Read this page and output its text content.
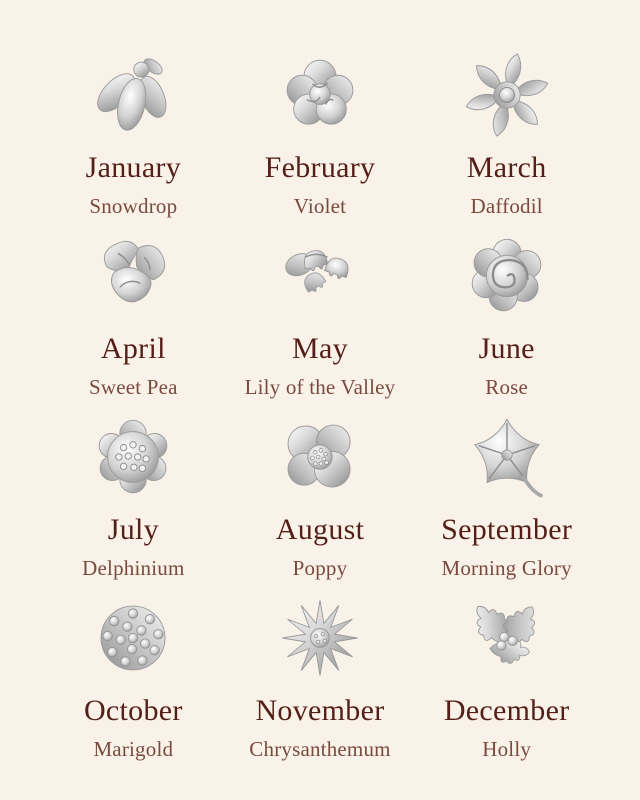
January
Snowdrop
February
Violet
March
Daffodil
April
Sweet Pea
May
Lily of the Valley
June
Rose
July
Delphinium
August
Poppy
September
Morning Glory
October
Marigold
November
Chrysanthemum
December
Holly
